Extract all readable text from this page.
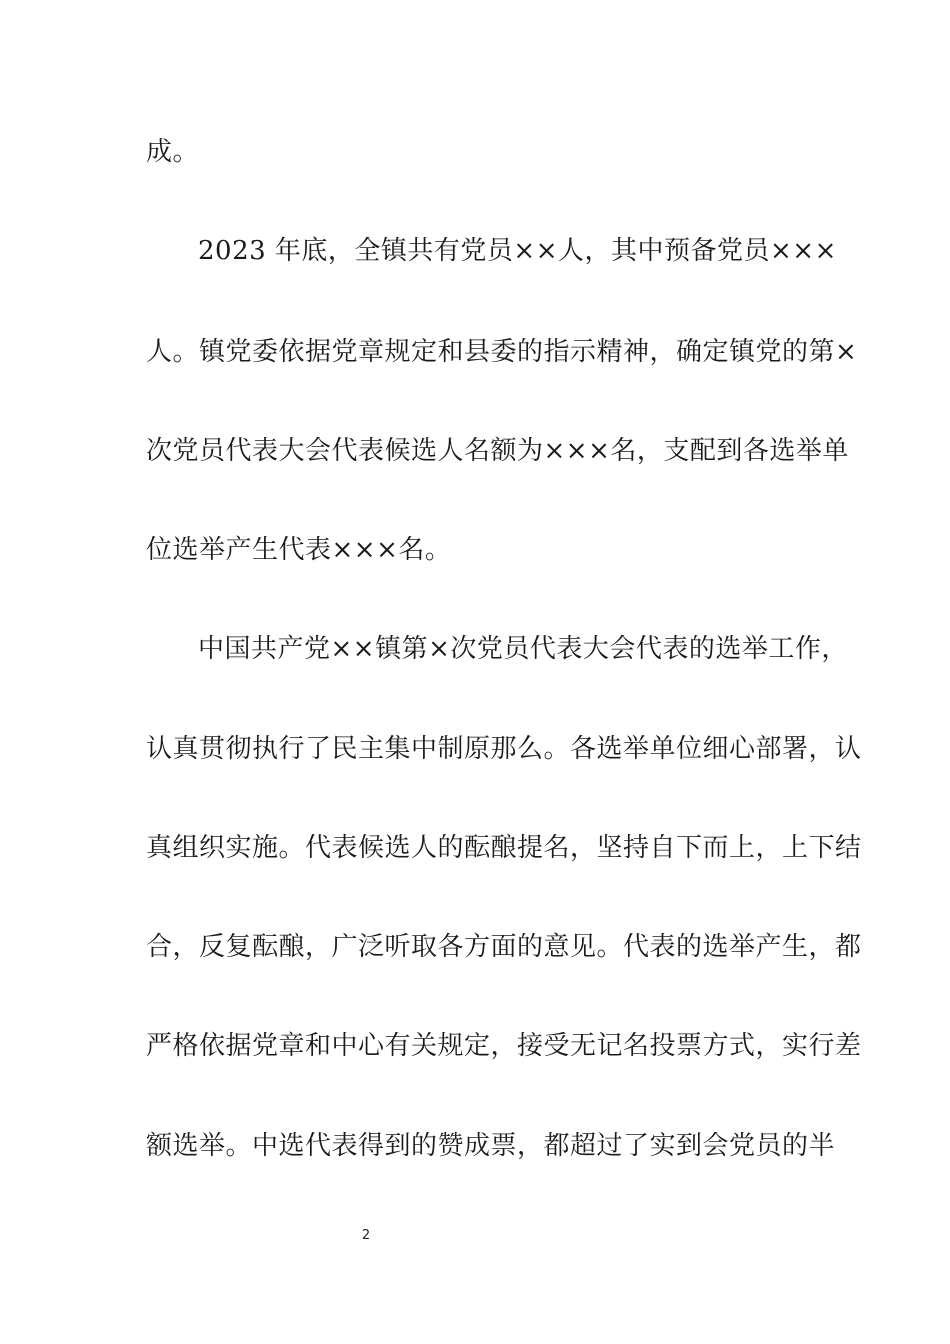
成。
2023 年底，全镇共有党员××人，其中预备党员×××
人。镇党委依据党章规定和县委的指示精神，确定镇党的第×
次党员代表大会代表候选人名额为×××名，支配到各选举单
位选举产生代表×××名。
中国共产党××镇第×次党员代表大会代表的选举工作，
认真贯彻执行了民主集中制原那么。各选举单位细心部署，认
真组织实施。代表候选人的酝酿提名，坚持自下而上，上下结
合，反复酝酿，广泛听取各方面的意见。代表的选举产生，都
严格依据党章和中心有关规定，接受无记名投票方式，实行差
额选举。中选代表得到的赞成票，都超过了实到会党员的半
2
